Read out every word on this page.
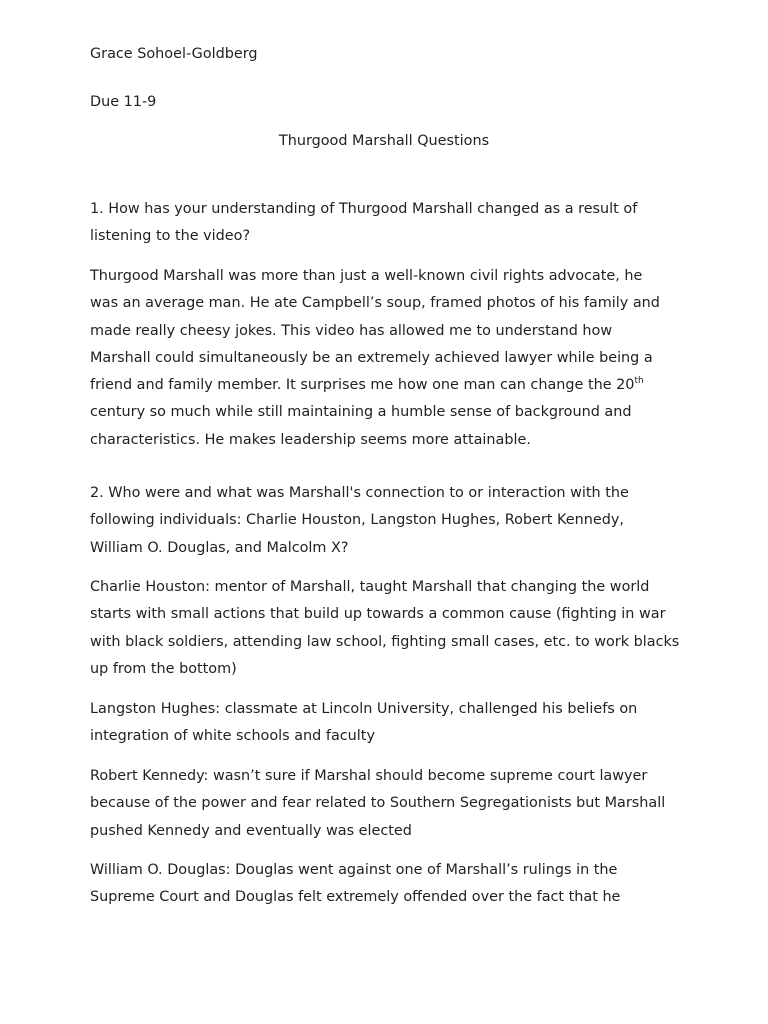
Grace Sohoel-Goldberg
Due 11-9
Thurgood Marshall Questions
1. How has your understanding of Thurgood Marshall changed as a result of listening to the video?
Thurgood Marshall was more than just a well-known civil rights advocate, he was an average man. He ate Campbell’s soup, framed photos of his family and made really cheesy jokes. This video has allowed me to understand how Marshall could simultaneously be an extremely achieved lawyer while being a friend and family member. It surprises me how one man can change the 20th century so much while still maintaining a humble sense of background and characteristics. He makes leadership seems more attainable.
2. Who were and what was Marshall's connection to or interaction with the following individuals: Charlie Houston, Langston Hughes, Robert Kennedy, William O. Douglas, and Malcolm X?
Charlie Houston: mentor of Marshall, taught Marshall that changing the world starts with small actions that build up towards a common cause (fighting in war with black soldiers, attending law school, fighting small cases, etc. to work blacks up from the bottom)
Langston Hughes: classmate at Lincoln University, challenged his beliefs on integration of white schools and faculty
Robert Kennedy: wasn’t sure if Marshal should become supreme court lawyer because of the power and fear related to Southern Segregationists but Marshall pushed Kennedy and eventually was elected
William O. Douglas: Douglas went against one of Marshall’s rulings in the Supreme Court and Douglas felt extremely offended over the fact that he
